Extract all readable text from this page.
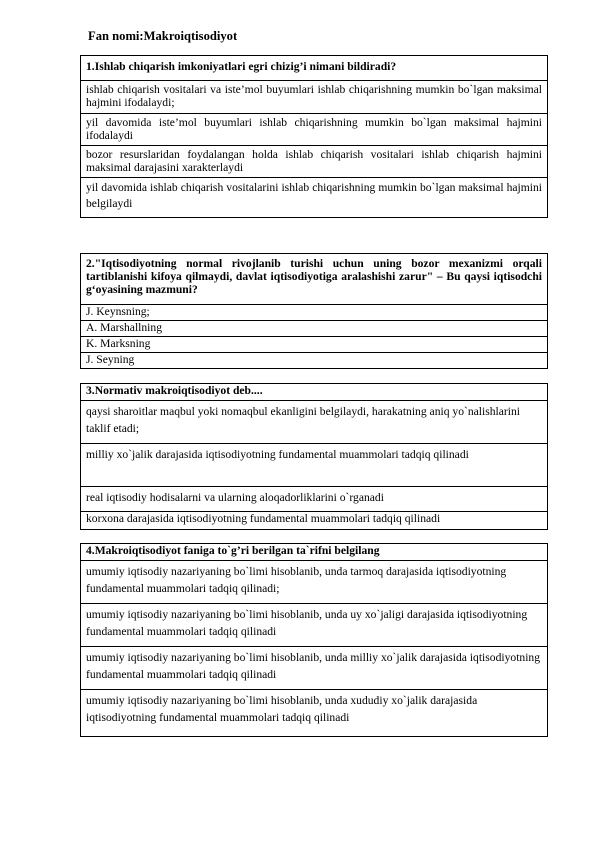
Fan nomi:Makroiqtisodiyot
1.Ishlab chiqarish imkoniyatlari egri chizig’i nimani bildiradi?
ishlab chiqarish vositalari va iste’mol buyumlari ishlab chiqarishning mumkin bo`lgan maksimal hajmini ifodalaydi;
yil davomida iste’mol buyumlari ishlab chiqarishning mumkin bo`lgan maksimal hajmini ifodalaydi
bozor resurslaridan foydalangan holda ishlab chiqarish vositalari ishlab chiqarish hajmini maksimal darajasini xarakterlaydi
yil davomida ishlab chiqarish vositalarini ishlab chiqarishning mumkin bo`lgan maksimal hajmini belgilaydi
2."Iqtisodiyotning normal rivojlanib turishi uchun uning bozor mexanizmi orqali tartiblanishi kifoya qilmaydi, davlat iqtisodiyotiga aralashishi zarur" – Bu qaysi iqtisodchi g‘oyasining mazmuni?
J. Keynsning;
A. Marshallning
K. Marksning
J. Seyning
3.Normativ makroiqtisodiyot deb....
qaysi sharoitlar maqbul yoki nomaqbul ekanligini belgilaydi, harakatning aniq yo`nalishlarini taklif etadi;
milliy xo`jalik darajasida iqtisodiyotning fundamental muammolari tadqiq qilinadi
real iqtisodiy hodisalarni va ularning aloqadorliklarini o`rganadi
korxona darajasida iqtisodiyotning fundamental muammolari tadqiq qilinadi
4.Makroiqtisodiyot faniga to`g’ri berilgan ta`rifni belgilang
umumiy iqtisodiy nazariyaning bo`limi hisoblanib, unda tarmoq darajasida iqtisodiyotning fundamental muammolari tadqiq qilinadi;
umumiy iqtisodiy nazariyaning bo`limi hisoblanib, unda uy xo`jaligi darajasida iqtisodiyotning fundamental muammolari tadqiq qilinadi
umumiy iqtisodiy nazariyaning bo`limi hisoblanib, unda milliy xo`jalik darajasida iqtisodiyotning fundamental muammolari tadqiq qilinadi
umumiy iqtisodiy nazariyaning bo`limi hisoblanib, unda xududiy xo`jalik darajasida iqtisodiyotning fundamental muammolari tadqiq qilinadi
